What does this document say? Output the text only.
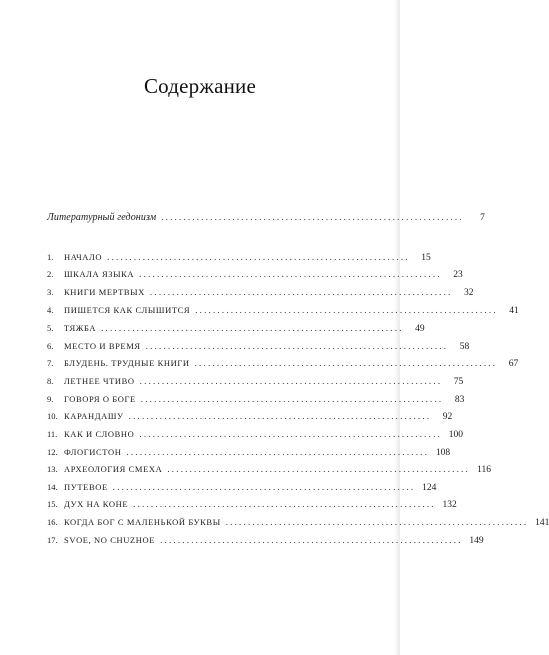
Содержание
Литературный гедонизм ....................................................................	7
1.	НАЧАЛО ....................................................................	15
2.	ШКАЛА ЯЗЫКА ....................................................................	23
3.	КНИГИ МЕРТВЫХ ....................................................................	32
4.	ПИШЕТСЯ КАК СЛЫШИТСЯ ....................................................................	41
5.	ТЯЖБА ....................................................................	49
6.	МЕСТО И ВРЕМЯ ....................................................................	58
7.	БЛУДЕНЬ. ТРУДНЫЕ КНИГИ ....................................................................	67
8.	ЛЕТНЕЕ ЧТИВО ....................................................................	75
9.	ГОВОРЯ О БОГЕ ....................................................................	83
10. КАРАНДАШУ ....................................................................	92
11. КАК И СЛОВНО .................................................................... 100
12. ФЛОГИСТОН .................................................................... 108
13. АРХЕОЛОГИЯ СМЕХА .................................................................... 116
14. ПУТЕВОЕ .................................................................... 124
15. ДУХ НА КОНЕ .................................................................... 132
16. КОГДА БОГ С МАЛЕНЬКОЙ БУКВЫ .................................................................... 141
17. SVOE, NO CHUZHOE .................................................................... 149
